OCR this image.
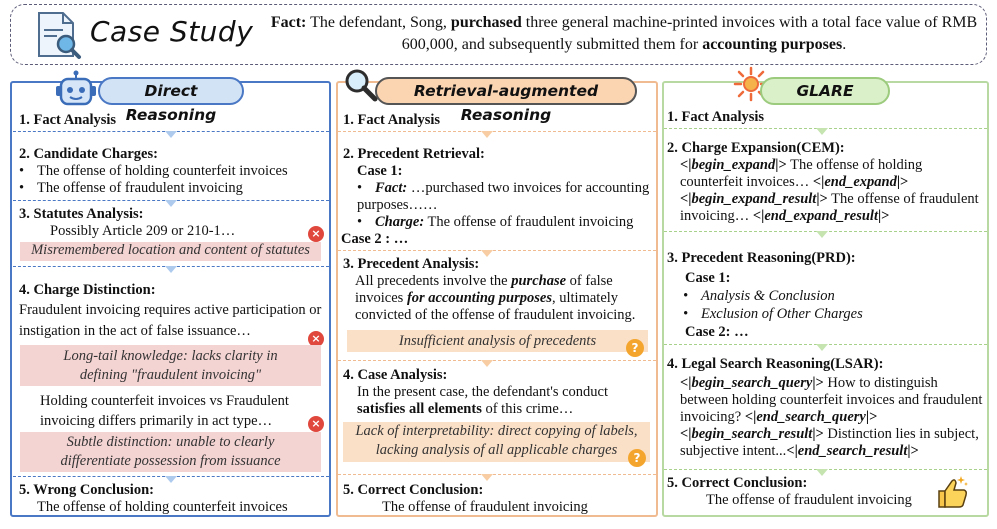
Case Study Fact: The defendant, Song, purchased three general machine-printed invoices with a total face value of RMB 600,000, and subsequently submitted them for accounting purposes.
Direct Reasoning
1. Fact Analysis
2. Candidate Charges:
• The offense of holding counterfeit invoices
• The offense of fraudulent invoicing
3. Statutes Analysis:
Possibly Article 209 or 210-1…	×
Misremembered location and content of statutes
4. Charge Distinction:
Fraudulent invoicing requires active participation or instigation in the act of false issuance…	×
Long-tail knowledge: lacks clarity in defining "fraudulent invoicing"
Holding counterfeit invoices vs Fraudulent invoicing differs primarily in act type…	×
Subtle distinction: unable to clearly differentiate possession from issuance
5. Wrong Conclusion:
The offense of holding counterfeit invoices
Retrieval-augmented Reasoning
1. Fact Analysis
2. Precedent Retrieval:
Case 1:
• Fact: …purchased two invoices for accounting purposes……
• Charge: The offense of fraudulent invoicing
Case 2 : …
3. Precedent Analysis:
All precedents involve the purchase of false invoices for accounting purposes, ultimately convicted of the offense of fraudulent invoicing.
Insufficient analysis of precedents	?
4. Case Analysis:
In the present case, the defendant's conduct satisfies all elements of this crime…
Lack of interpretability: direct copying of labels, lacking analysis of all applicable charges	?
5. Correct Conclusion:
The offense of fraudulent invoicing
GLARE
1. Fact Analysis
2. Charge Expansion(CEM):
<|begin_expand|> The offense of holding counterfeit invoices… <|end_expand|> <|begin_expand_result|> The offense of fraudulent invoicing… <|end_expand_result|>
3. Precedent Reasoning(PRD):
Case 1:
• Analysis & Conclusion
• Exclusion of Other Charges
Case 2: …
4. Legal Search Reasoning(LSAR):
<|begin_search_query|> How to distinguish between holding counterfeit invoices and fraudulent invoicing? <|end_search_query|> <|begin_search_result|> Distinction lies in subject, subjective intent...<|end_search_result|>
5. Correct Conclusion:
The offense of fraudulent invoicing
